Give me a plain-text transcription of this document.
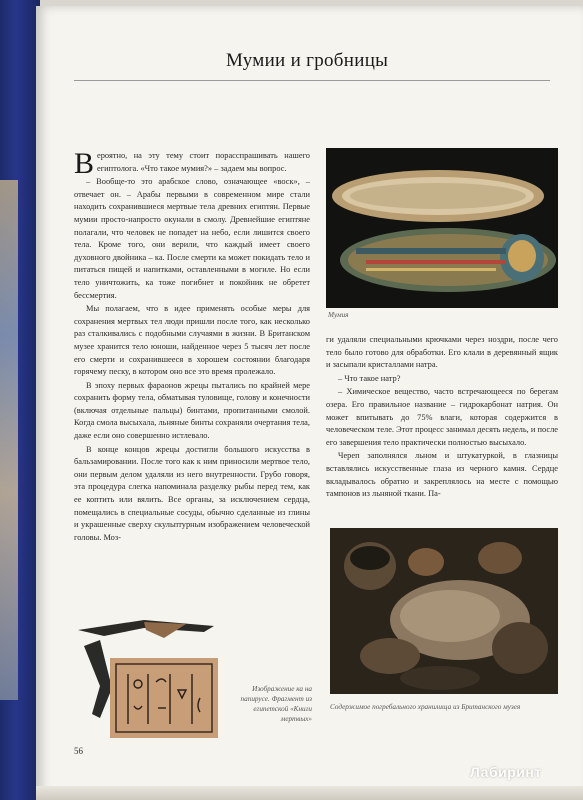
Мумии и гробницы

Вероятно, на эту тему стоит порасспрашивать нашего египтолога. «Что такое мумия?» – задаем мы вопрос.

– Вообще-то это арабское слово, означающее «воск», – отвечает он. – Арабы первыми в современном мире стали находить сохранившиеся мертвые тела древних египтян. Первые мумии просто-напросто окунали в смолу. Древнейшие египтяне полагали, что человек не попадет на небо, если лишится своего тела. Кроме того, они верили, что каждый имеет своего духовного двойника – ка. После смерти ка может покидать тело и питаться пищей и напитками, оставленными в могиле. Но если тело уничтожить, ка тоже погибнет и покойник не обретет бессмертия.

Мы полагаем, что в идее применять особые меры для сохранения мертвых тел люди пришли после того, как несколько раз сталкивались с подобными случаями в жизни. В Британском музее хранится тело юноши, найденное через 5 тысяч лет после его смерти и сохранившееся в хорошем состоянии благодаря горячему песку, в котором оно все это время пролежало.

В эпоху первых фараонов жрецы пытались по крайней мере сохранить форму тела, обматывая туловище, голову и конечности (включая отдельные пальцы) бинтами, пропитанными смолой. Когда смола высыхала, льняные бинты сохраняли очертания тела, даже если оно совершенно истлевало.

В конце концов жрецы достигли большого искусства в бальзамировании. После того как к ним приносили мертвое тело, они первым делом удаляли из него внутренности. Грубо говоря, эта процедура слегка напоминала разделку рыбы перед тем, как ее коптить или вялить. Все органы, за исключением сердца, помещались в специальные сосуды, обычно сделанные из глины и украшенные сверху скульптурным изображением человеческой головы. Моз-

Мумия

ги удаляли специальными крючками через ноздри, после чего тело было готово для обработки. Его клали в деревянный ящик и засыпали кристаллами натра.

– Что такое натр?

– Химическое вещество, часто встречающееся по берегам озера. Его правильное название – гидрокарбонат натрия. Он может впитывать до 75% влаги, которая содержится в человеческом теле. Этот процесс занимал десять недель, и после его завершения тело практически полностью высыхало.

Череп заполнялся льном и штукатуркой, в глазницы вставлялись искусственные глаза из черного камня. Сердце вкладывалось обратно и закреплялось на месте с помощью тампонов из льняной ткани. Па-

Содержимое погребального хранилища из Британского музея
Изображение ка на папирусе. Фрагмент из египетской «Книги мертвых»
56
Лабиринт
